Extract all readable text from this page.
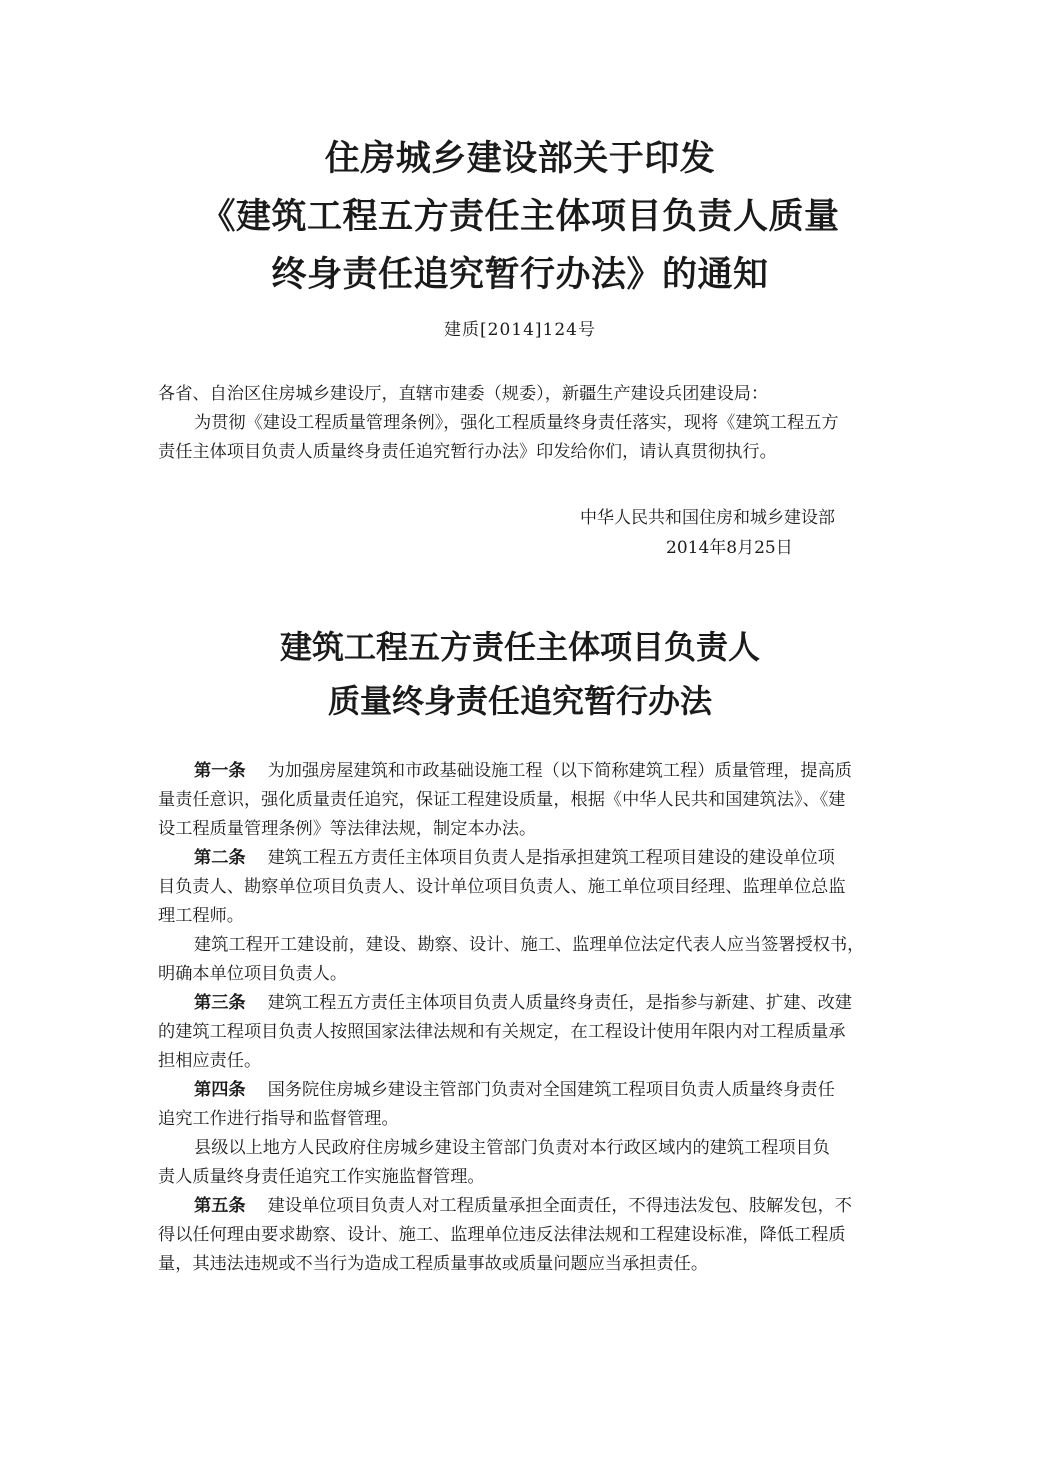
住房城乡建设部关于印发
《建筑工程五方责任主体项目负责人质量
终身责任追究暂行办法》的通知
建质[2014]124号
各省、自治区住房城乡建设厅，直辖市建委（规委），新疆生产建设兵团建设局：
为贯彻《建设工程质量管理条例》，强化工程质量终身责任落实，现将《建筑工程五方
责任主体项目负责人质量终身责任追究暂行办法》印发给你们，请认真贯彻执行。
中华人民共和国住房和城乡建设部
2014年8月25日
建筑工程五方责任主体项目负责人
质量终身责任追究暂行办法
第一条 为加强房屋建筑和市政基础设施工程（以下简称建筑工程）质量管理，提高质
量责任意识，强化质量责任追究，保证工程建设质量，根据《中华人民共和国建筑法》、《建
设工程质量管理条例》等法律法规，制定本办法。
第二条 建筑工程五方责任主体项目负责人是指承担建筑工程项目建设的建设单位项
目负责人、勘察单位项目负责人、设计单位项目负责人、施工单位项目经理、监理单位总监
理工程师。
建筑工程开工建设前，建设、勘察、设计、施工、监理单位法定代表人应当签署授权书，
明确本单位项目负责人。
第三条 建筑工程五方责任主体项目负责人质量终身责任，是指参与新建、扩建、改建
的建筑工程项目负责人按照国家法律法规和有关规定，在工程设计使用年限内对工程质量承
担相应责任。
第四条 国务院住房城乡建设主管部门负责对全国建筑工程项目负责人质量终身责任
追究工作进行指导和监督管理。
县级以上地方人民政府住房城乡建设主管部门负责对本行政区域内的建筑工程项目负
责人质量终身责任追究工作实施监督管理。
第五条 建设单位项目负责人对工程质量承担全面责任，不得违法发包、肢解发包，不
得以任何理由要求勘察、设计、施工、监理单位违反法律法规和工程建设标准，降低工程质
量，其违法违规或不当行为造成工程质量事故或质量问题应当承担责任。
